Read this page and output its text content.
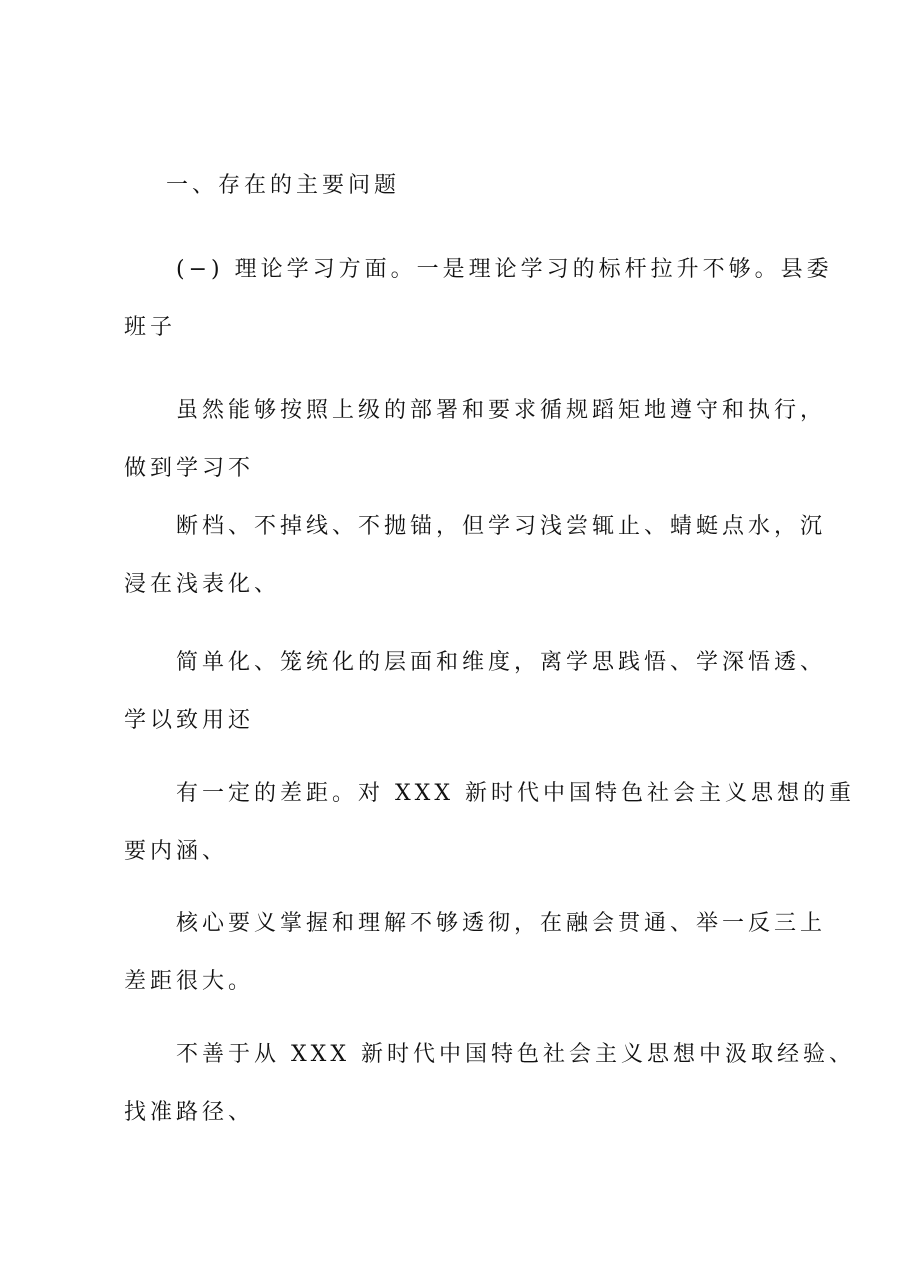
一、存在的主要问题
(−) 理论学习方面。一是理论学习的标杆拉升不够。县委
班子
虽然能够按照上级的部署和要求循规蹈矩地遵守和执行，
做到学习不
断档、不掉线、不抛锚，但学习浅尝辄止、蜻蜓点水，沉
浸在浅表化、
简单化、笼统化的层面和维度，离学思践悟、学深悟透、
学以致用还
有一定的差距。对 XXX 新时代中国特色社会主义思想的重
要内涵、
核心要义掌握和理解不够透彻，在融会贯通、举一反三上
差距很大。
不善于从 XXX 新时代中国特色社会主义思想中汲取经验、
找准路径、
